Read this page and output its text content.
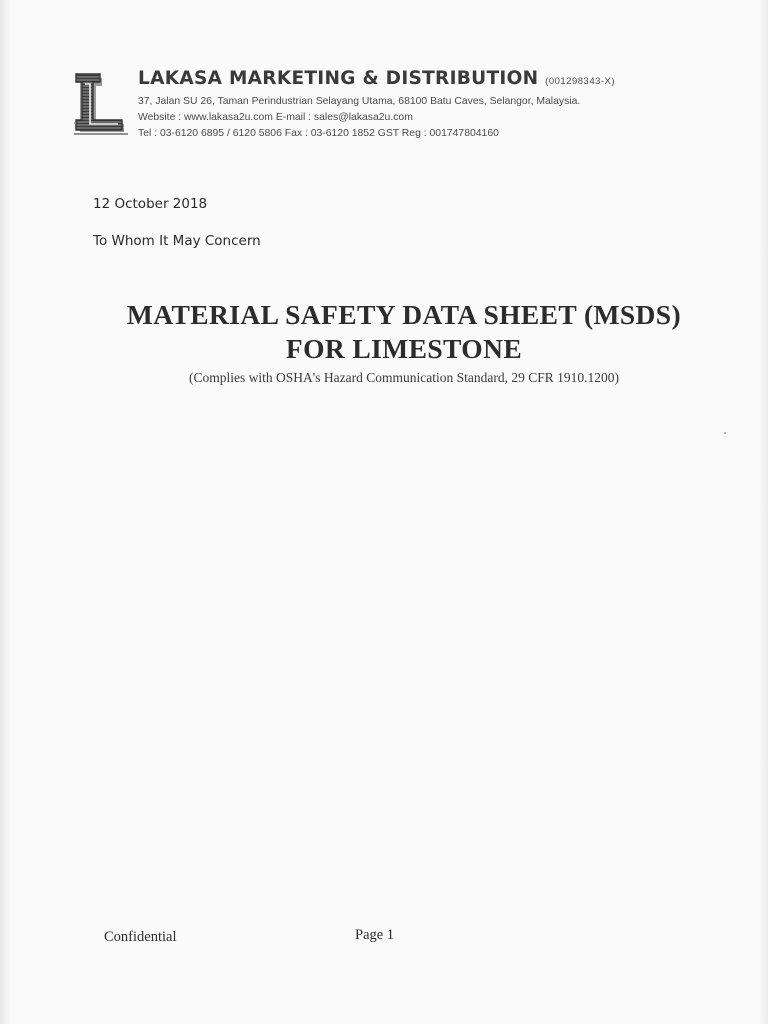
LAKASA MARKETING & DISTRIBUTION (001298343-X)
37, Jalan SU 26, Taman Perindustrian Selayang Utama, 68100 Batu Caves, Selangor, Malaysia.
Website : www.lakasa2u.com E-mail : sales@lakasa2u.com
Tel : 03-6120 6895 / 6120 5806 Fax : 03-6120 1852 GST Reg : 001747804160
12 October 2018
To Whom It May Concern
MATERIAL SAFETY DATA SHEET (MSDS)
FOR LIMESTONE
(Complies with OSHA's Hazard Communication Standard, 29 CFR 1910.1200)
Confidential	Page 1
